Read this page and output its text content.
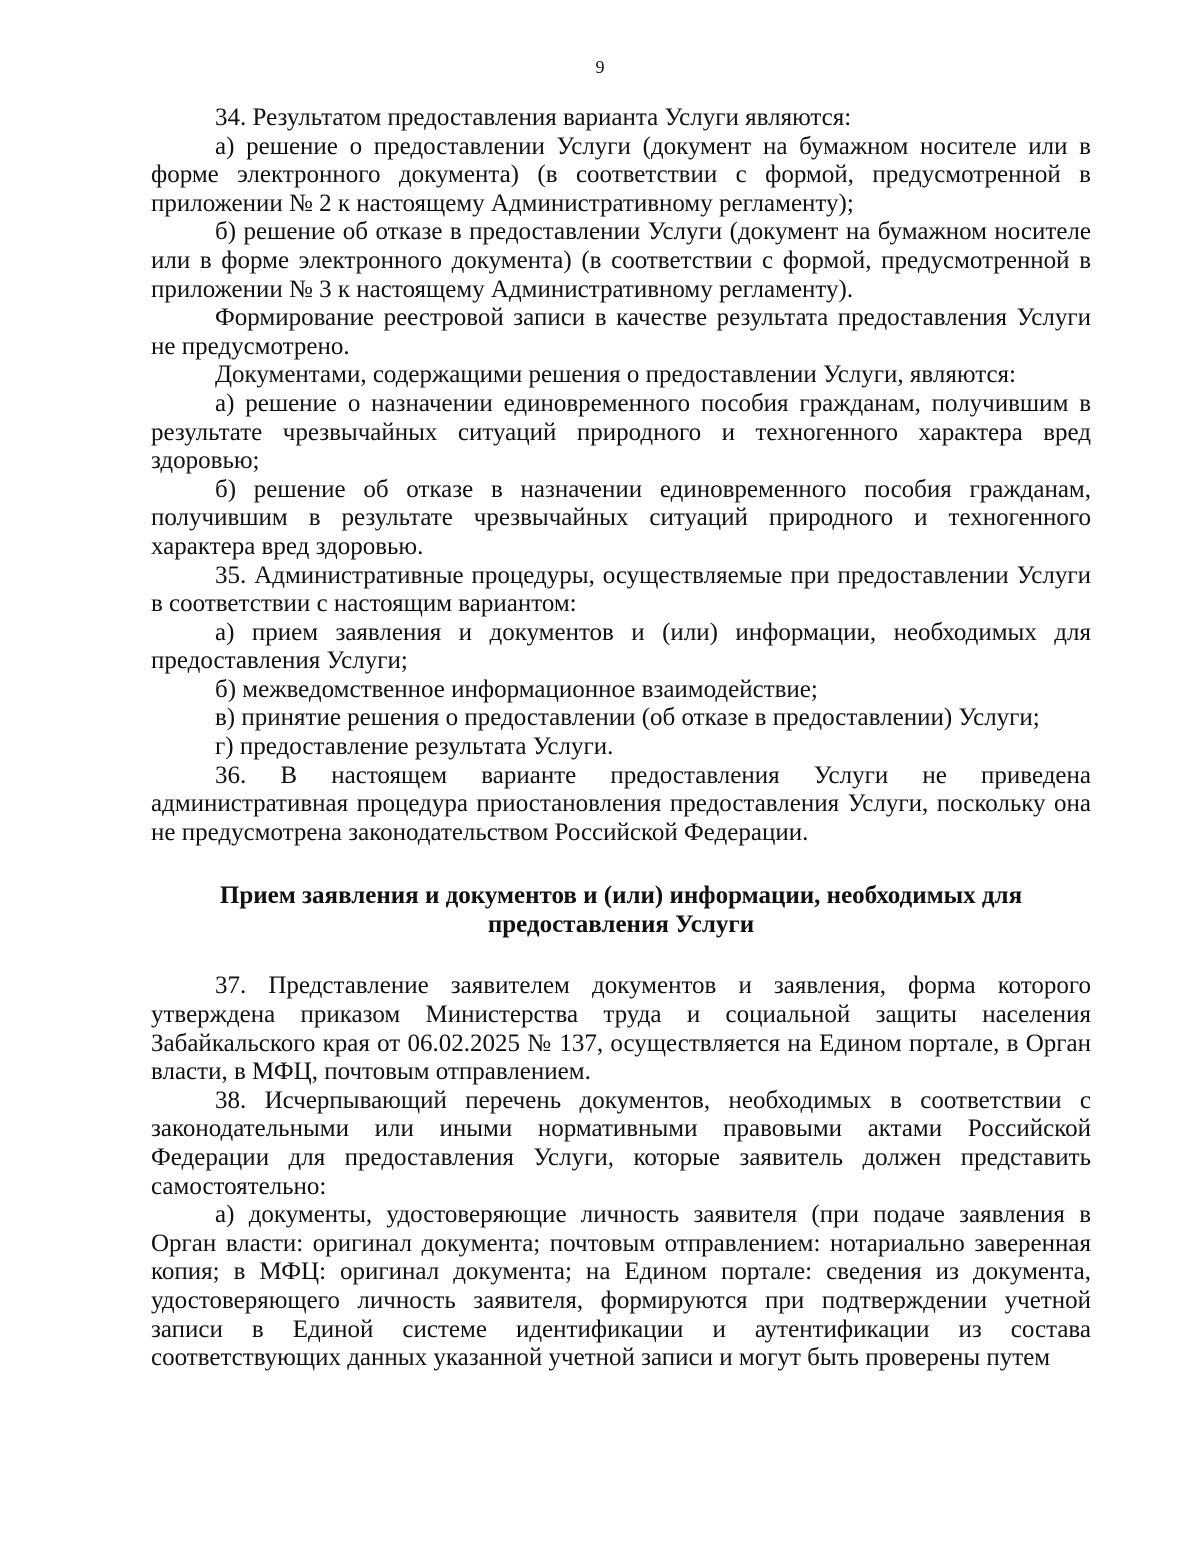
9

34. Результатом предоставления варианта Услуги являются:

а) решение о предоставлении Услуги (документ на бумажном носителе или в форме электронного документа) (в соответствии с формой, предусмотренной в приложении № 2 к настоящему Административному регламенту);

б) решение об отказе в предоставлении Услуги (документ на бумажном носителе или в форме электронного документа) (в соответствии с формой, предусмотренной в приложении № 3 к настоящему Административному регламенту).

Формирование реестровой записи в качестве результата предоставления Услуги не предусмотрено.

Документами, содержащими решения о предоставлении Услуги, являются:

а) решение о назначении единовременного пособия гражданам, получившим в результате чрезвычайных ситуаций природного и техногенного характера вред здоровью;

б) решение об отказе в назначении единовременного пособия гражданам, получившим в результате чрезвычайных ситуаций природного и техногенного характера вред здоровью.

35. Административные процедуры, осуществляемые при предоставлении Услуги в соответствии с настоящим вариантом:

а) прием заявления и документов и (или) информации, необходимых для предоставления Услуги;

б) межведомственное информационное взаимодействие;

в) принятие решения о предоставлении (об отказе в предоставлении) Услуги;

г) предоставление результата Услуги.

36. В настоящем варианте предоставления Услуги не приведена административная процедура приостановления предоставления Услуги, поскольку она не предусмотрена законодательством Российской Федерации.

Прием заявления и документов и (или) информации, необходимых для
предоставления Услуги

37. Представление заявителем документов и заявления, форма которого утверждена приказом Министерства труда и социальной защиты населения Забайкальского края от 06.02.2025 № 137, осуществляется на Едином портале, в Орган власти, в МФЦ, почтовым отправлением.

38. Исчерпывающий перечень документов, необходимых в соответствии с законодательными или иными нормативными правовыми актами Российской Федерации для предоставления Услуги, которые заявитель должен представить самостоятельно:

а) документы, удостоверяющие личность заявителя (при подаче заявления в Орган власти: оригинал документа; почтовым отправлением: нотариально заверенная копия; в МФЦ: оригинал документа; на Едином портале: сведения из документа, удостоверяющего личность заявителя, формируются при подтверждении учетной записи в Единой системе идентификации и аутентификации из состава соответствующих данных указанной учетной записи и могут быть проверены путем
